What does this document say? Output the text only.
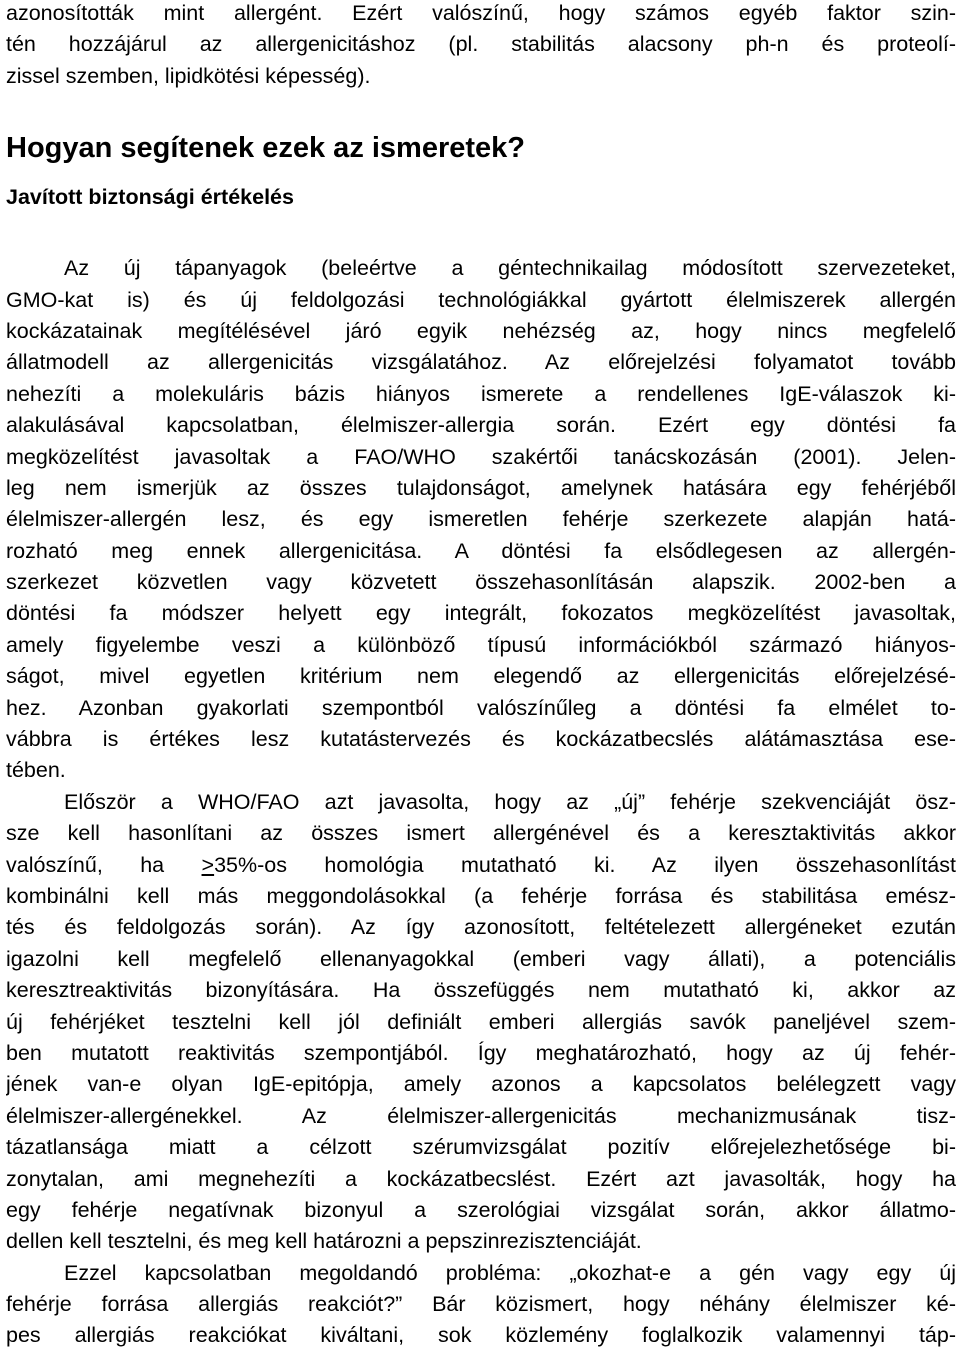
azonosították mint allergént. Ezért valószínű, hogy számos egyéb faktor szin-
tén hozzájárul az allergenicitáshoz (pl. stabilitás alacsony ph-n és proteolí-
zissel szemben, lipidkötési képesség).
Hogyan segítenek ezek az ismeretek?
Javított biztonsági értékelés
Az új tápanyagok (beleértve a géntechnikailag módosított szervezeteket,
GMO-kat is) és új feldolgozási technológiákkal gyártott élelmiszerek allergén
kockázatainak megítélésével járó egyik nehézség az, hogy nincs megfelelő
állatmodell az allergenicitás vizsgálatához. Az előrejelzési folyamatot tovább
nehezíti a molekuláris bázis hiányos ismerete a rendellenes IgE-válaszok ki-
alakulásával kapcsolatban, élelmiszer-allergia során. Ezért egy döntési fa
megközelítést javasoltak a FAO/WHO szakértői tanácskozásán (2001). Jelen-
leg nem ismerjük az összes tulajdonságot, amelynek hatására egy fehérjéből
élelmiszer-allergén lesz, és egy ismeretlen fehérje szerkezete alapján hatá-
rozható meg ennek allergenicitása. A döntési fa elsődlegesen az allergén-
szerkezet közvetlen vagy közvetett összehasonlításán alapszik. 2002-ben a
döntési fa módszer helyett egy integrált, fokozatos megközelítést javasoltak,
amely figyelembe veszi a különböző típusú információkból származó hiányos-
ságot, mivel egyetlen kritérium nem elegendő az ellergenicitás előrejelzésé-
hez. Azonban gyakorlati szempontból valószínűleg a döntési fa elmélet to-
vábbra is értékes lesz kutatástervezés és kockázatbecslés alátámasztása ese-
tében.
Először a WHO/FAO azt javasolta, hogy az „új” fehérje szekvenciáját ösz-
sze kell hasonlítani az összes ismert allergénével és a keresztaktivitás akkor
valószínű, ha ≥35%-os homológia mutatható ki. Az ilyen összehasonlítást
kombinálni kell más meggondolásokkal (a fehérje forrása és stabilitása emész-
tés és feldolgozás során). Az így azonosított, feltételezett allergéneket ezután
igazolni kell megfelelő ellenanyagokkal (emberi vagy állati), a potenciális
keresztreaktivitás bizonyítására. Ha összefüggés nem mutatható ki, akkor az
új fehérjéket tesztelni kell jól definiált emberi allergiás savók paneljével szem-
ben mutatott reaktivitás szempontjából. Így meghatározható, hogy az új fehér-
jének van-e olyan IgE-epitópja, amely azonos a kapcsolatos belélegzett vagy
élelmiszer-allergénekkel. Az élelmiszer-allergenicitás mechanizmusának tisz-
tázatlansága miatt a célzott szérumvizsgálat pozitív előrejelezhetősége bi-
zonytalan, ami megnehezíti a kockázatbecslést. Ezért azt javasolták, hogy ha
egy fehérje negatívnak bizonyul a szerológiai vizsgálat során, akkor állatmo-
dellen kell tesztelni, és meg kell határozni a pepszinrezisztenciáját.
Ezzel kapcsolatban megoldandó probléma: „okozhat-e a gén vagy egy új
fehérje forrása allergiás reakciót?” Bár közismert, hogy néhány élelmiszer ké-
pes allergiás reakciókat kiváltani, sok közlemény foglalkozik valamennyi táp-
